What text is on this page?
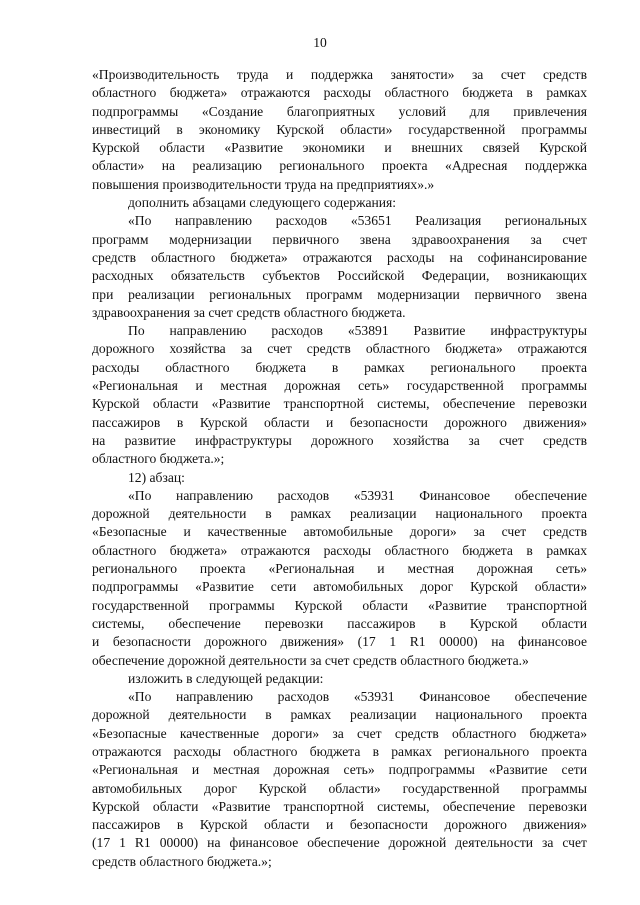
10
«Производительность труда и поддержка занятости» за счет средств
областного бюджета» отражаются расходы областного бюджета в рамках
подпрограммы «Создание благоприятных условий для привлечения
инвестиций в экономику Курской области» государственной программы
Курской области «Развитие экономики и внешних связей Курской
области» на реализацию регионального проекта «Адресная поддержка
повышения производительности труда на предприятиях».»
дополнить абзацами следующего содержания:
«По направлению расходов «53651 Реализация региональных
программ модернизации первичного звена здравоохранения за счет
средств областного бюджета» отражаются расходы на софинансирование
расходных обязательств субъектов Российской Федерации, возникающих
при реализации региональных программ модернизации первичного звена
здравоохранения за счет средств областного бюджета.
По направлению расходов «53891 Развитие инфраструктуры
дорожного хозяйства за счет средств областного бюджета» отражаются
расходы областного бюджета в рамках регионального проекта
«Региональная и местная дорожная сеть» государственной программы
Курской области «Развитие транспортной системы, обеспечение перевозки
пассажиров в Курской области и безопасности дорожного движения»
на развитие инфраструктуры дорожного хозяйства за счет средств
областного бюджета.»;
12) абзац:
«По направлению расходов «53931 Финансовое обеспечение
дорожной деятельности в рамках реализации национального проекта
«Безопасные и качественные автомобильные дороги» за счет средств
областного бюджета» отражаются расходы областного бюджета в рамках
регионального проекта «Региональная и местная дорожная сеть»
подпрограммы «Развитие сети автомобильных дорог Курской области»
государственной программы Курской области «Развитие транспортной
системы, обеспечение перевозки пассажиров в Курской области
и безопасности дорожного движения» (17 1 R1 00000) на финансовое
обеспечение дорожной деятельности за счет средств областного бюджета.»
изложить в следующей редакции:
«По направлению расходов «53931 Финансовое обеспечение
дорожной деятельности в рамках реализации национального проекта
«Безопасные качественные дороги» за счет средств областного бюджета»
отражаются расходы областного бюджета в рамках регионального проекта
«Региональная и местная дорожная сеть» подпрограммы «Развитие сети
автомобильных дорог Курской области» государственной программы
Курской области «Развитие транспортной системы, обеспечение перевозки
пассажиров в Курской области и безопасности дорожного движения»
(17 1 R1 00000) на финансовое обеспечение дорожной деятельности за счет
средств областного бюджета.»;
